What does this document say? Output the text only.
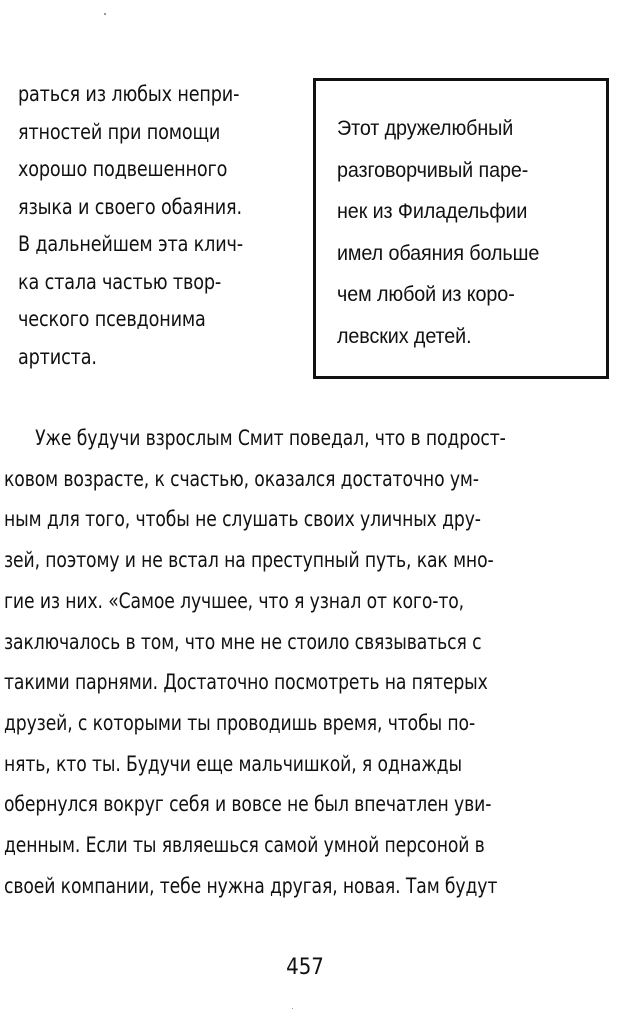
раться из любых непри-
ятностей при помощи
хорошо подвешенного
языка и своего обаяния.
В дальнейшем эта клич-
ка стала частью твор-
ческого псевдонима
артиста.
Этот дружелюбный
разговорчивый паре-
нек из Филадельфии
имел обаяния больше
чем любой из коро-
левских детей.
Уже будучи взрослым Смит поведал, что в подрост-
ковом возрасте, к счастью, оказался достаточно ум-
ным для того, чтобы не слушать своих уличных дру-
зей, поэтому и не встал на преступный путь, как мно-
гие из них. «Самое лучшее, что я узнал от кого-то,
заключалось в том, что мне не стоило связываться с
такими парнями. Достаточно посмотреть на пятерых
друзей, с которыми ты проводишь время, чтобы по-
нять, кто ты. Будучи еще мальчишкой, я однажды
обернулся вокруг себя и вовсе не был впечатлен уви-
денным. Если ты являешься самой умной персоной в
своей компании, тебе нужна другая, новая. Там будут
457
